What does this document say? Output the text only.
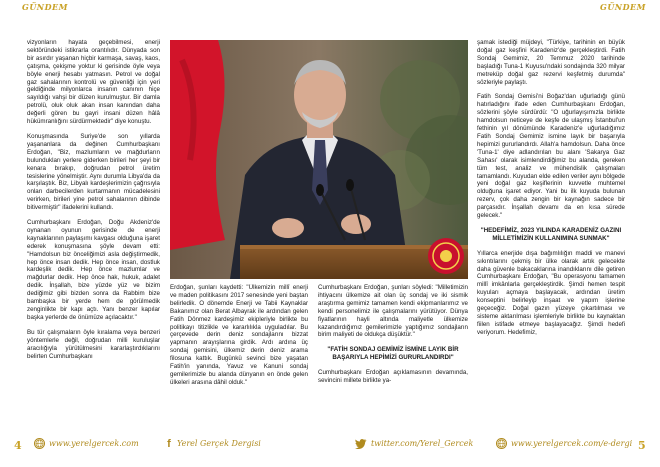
GÜNDEM	GÜNDEM

vizyonların hayata geçebilmesi, enerji sektöründeki istikrarla orantılıdır. Dünyada son bir asırdır yaşanan hiçbir karmaşa, savaş, kaos, çatışma, çekişme yoktur ki gerisinde öyle veya böyle enerji hesabı yatmasın. Petrol ve doğal gaz sahalarının kontrolü ve güvenliği için yeri geldiğinde milyonlarca insanın canının hiçe sayıldığı vahşi bir düzen kurulmuştur. Bir damla petrolü, oluk oluk akan insan kanından daha değerli gören bu gayri insani düzen hâlâ hükümranlığını sürdürmektedir" diye konuştu.

Konuşmasında Suriye'de son yıllarda yaşananlara da değinen Cumhurbaşkanı Erdoğan, "Biz, mazlumların ve mağdurların bulundukları yerlere giderken birileri her şeyi bir kenara bırakıp, doğrudan petrol üretim tesislerine yönelmiştir. Aynı durumla Libya'da da karşılaştık. Biz, Libyalı kardeşlerimizin çağrısıyla onları darbecilerden kurtarmanın mücadelesini verirken, birileri yine petrol sahalarının dibinde bitivermiştir" ifadelerini kullandı.

Cumhurbaşkanı Erdoğan, Doğu Akdeniz'de oynanan oyunun gerisinde de enerji kaynaklarının paylaşımı kavgası olduğuna işaret ederek konuşmasına şöyle devam etti: "Hamdolsun biz önceliğimizi asla değiştirmedik, hep önce insan dedik. Hep önce insan, dostluk kardeşlik dedik. Hep önce mazlumlar ve mağdurlar dedik. Hep önce hak, hukuk, adalet dedik. İnşallah, bize yüzde yüz ve bizim dediğimiz gibi bizden sonra da Rabbim bize bambaşka bir yerde hem de görülmedik zenginlikte bir kapı açtı. Yanı benzer kapılar başka yerlerde de önümüze açılacaktır."

Bu tür çalışmaların öyle kıralama veya benzeri yöntemlerle değil, doğrudan milli kuruluşlar aracılığıyla yürütülmesini kararlaştırdıklarını belirten Cumhurbaşkanı

Erdoğan, şunları kaydetti: "Ülkemizin millî enerji ve maden politikasını 2017 senesinde yeni baştan belirledik. O dönemde Enerji ve Tabii Kaynaklar Bakanımız olan Berat Albayrak ile ardından gelen Fatih Dönmez kardeşimiz ekipleriyle birlikte bu politikayı titizlikle ve kararlılıkla uyguladılar. Bu çerçevede derin deniz sondajlarını bizzat yapmanın arayışlarına girdik. Ardı ardına üç sondaj gemisini, ülkemiz derin deniz arama filosuna kattık. Bugünkü sevinci bize yaşatan Fatih'in yanında, Yavuz ve Kanuni sondaj gemilerimizle bu alanda dünyanın en önde gelen ülkeleri arasına dâhil olduk."

Cumhurbaşkanı Erdoğan, şunları söyledi: "Milletimizin ihtiyacını ülkemize ait olan üç sondaj ve iki sismik araştırma gemimiz tamamen kendi ekipmanlarımız ve kendi personelimiz ile çalışmalarını yürütüyor. Dünya fiyatlarının hayli altında maliyetle ülkemize kazandırdığımız gemilerimizle yaptığımız sondajların birim maliyeti de oldukça düşüktür."

"FATİH SONDAJ GEMİMİZ İSMİNE LAYIK BİR BAŞARIYLA HEPİMİZİ GURURLANDIRDI"

Cumhurbaşkanı Erdoğan açıklamasının devamında, sevincini millete birlikte ya-

şamak istediği müjdeyi, "Türkiye, tarihinin en büyük doğal gaz keşfini Karadeniz'de gerçekleştirdi. Fatih Sondaj Gemimiz, 20 Temmuz 2020 tarihinde başladığı Tuna-1 Kuyusu'ndaki sondajında 320 milyar metreküp doğal gaz rezervi keşfetmiş durumda" sözleriyle paylaştı.

Fatih Sondaj Gemisi'ni Boğaz'dan uğurladığı günü hatırladığını ifade eden Cumhurbaşkanı Erdoğan, sözlerini şöyle sürdürdü: "O uğurlayışımızla birlikte hamdolsun neticeye de keşfe de ulaşmış İstanbul'un fethinin yıl dönümünde Karadeniz'e uğurladığımız Fatih Sondaj Gemimiz ismine layık bir başarıyla hepimizi gururlandırdı. Allah'a hamdolsun. Daha önce 'Tuna-1' diye adlandırılan bu alanı 'Sakarya Gaz Sahası' olarak isimlendirdiğimiz bu alanda, gereken tüm test, analiz ve mühendislik çalışmaları tamamlandı. Kuyudan elde edilen veriler aynı bölgede yeni doğal gaz keşiflerinin kuvvetle muhtemel olduğuna işaret ediyor. Yani bu ilk kuyuda bulunan rezerv, çok daha zengin bir kaynağın sadece bir parçasıdır. İnşallah devamı da en kısa sürede gelecek."

"HEDEFİMİZ, 2023 YILINDA KARADENİZ GAZINI MİLLETİMİZİN KULLANIMINA SUNMAK"

Yıllarca enerjide dışa bağımlılığın maddi ve manevi sıkıntılarını çekmiş bir ülke olarak artık gelecekte daha güvenle bakacaklarına inandıklarını dile getiren Cumhurbaşkanı Erdoğan, "Bu operasyonu tamamen millî imkânlarla gerçekleştirdik. Şimdi hemen tespit kuyuları açmaya başlayacak, ardından üretim konseptini belirleyip inşaat ve yapım işlerine geçeceğiz. Doğal gazın yüzeye çıkartılması ve sisteme aktarılması işlemleriyle birlikte bu kaynaktan fiilen istifade etmeye başlayacağız. Şimdi hedefi veriyorum. Hedefimiz,

4	www.yerelgercek.com	f Yerel Gerçek Dergisi	twitter.com/Yerel_Gercek	www.yerelgercek.com/e-dergi 5
